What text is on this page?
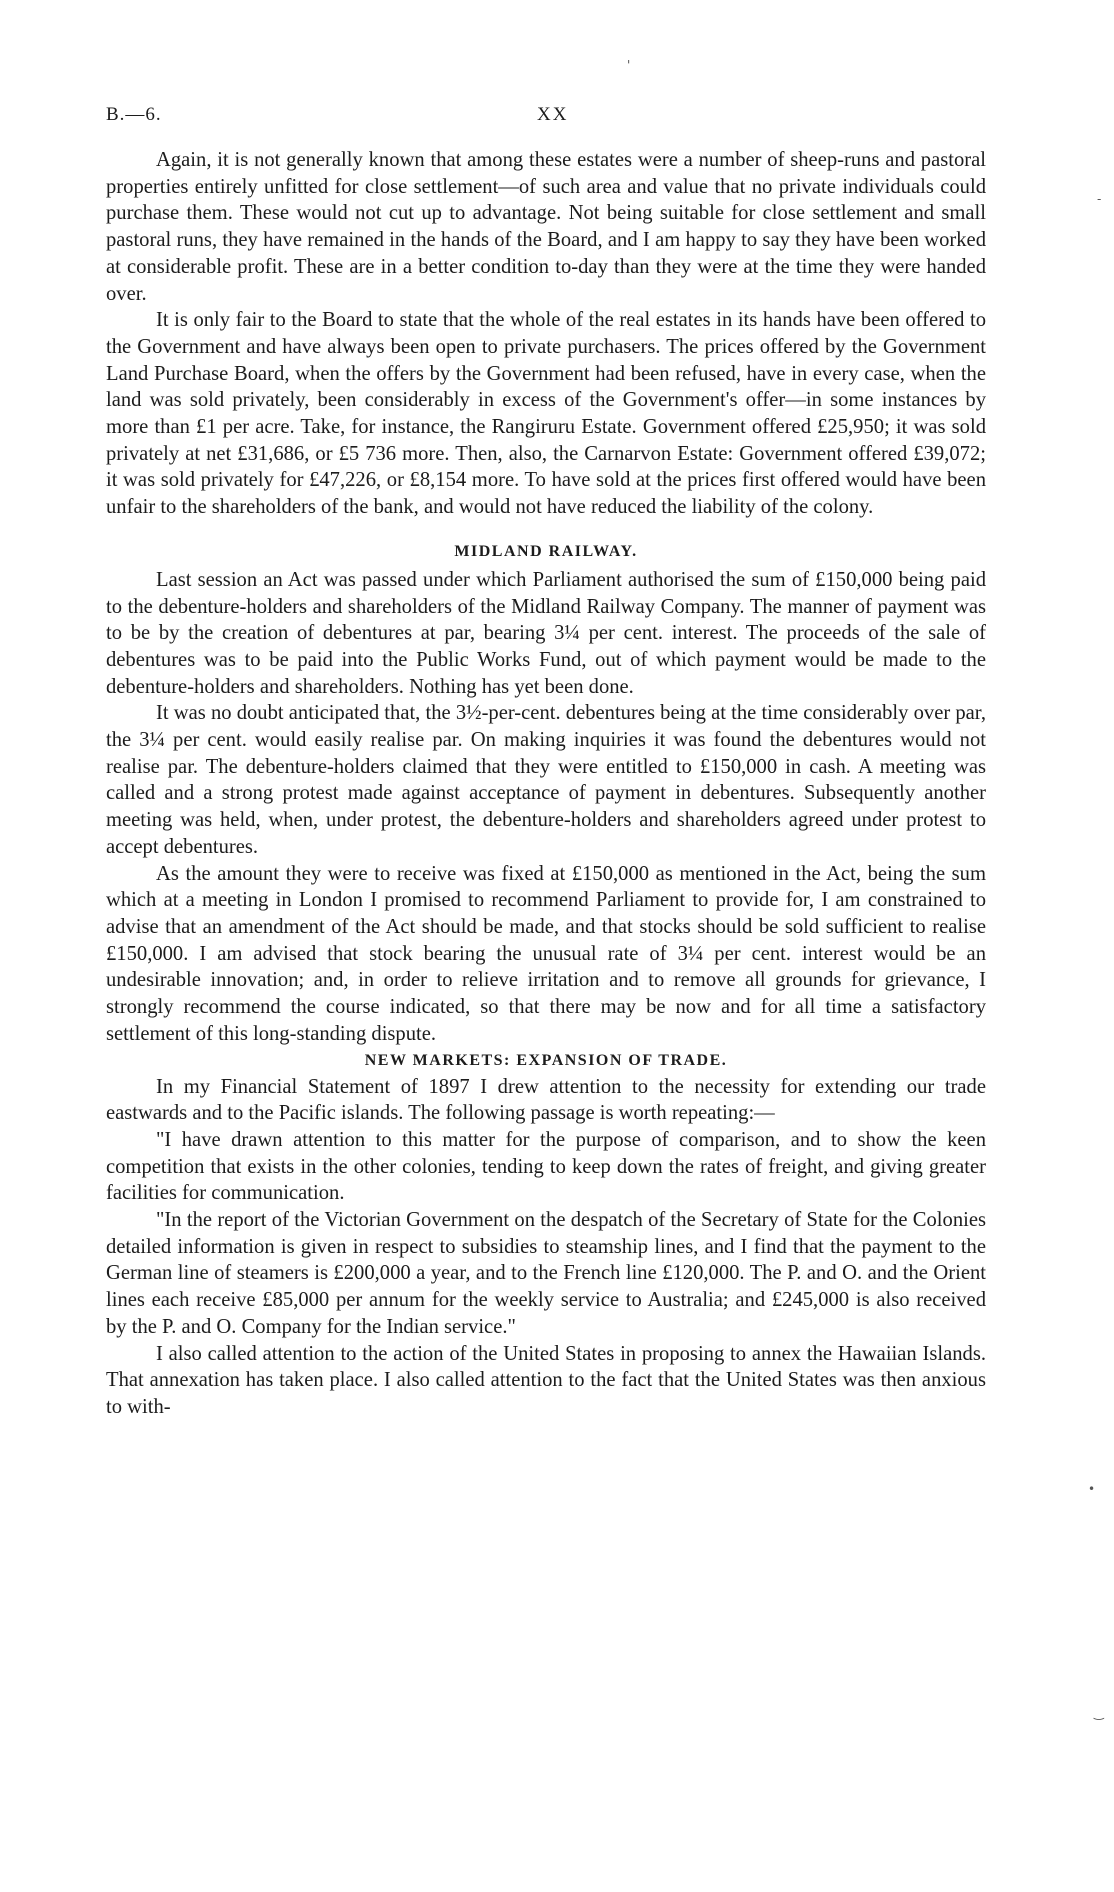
B.—6.	XX

Again, it is not generally known that among these estates were a number of sheep-runs and pastoral properties entirely unfitted for close settlement—of such area and value that no private individuals could purchase them. These would not cut up to advantage. Not being suitable for close settlement and small pastoral runs, they have remained in the hands of the Board, and I am happy to say they have been worked at considerable profit. These are in a better condition to-day than they were at the time they were handed over.

It is only fair to the Board to state that the whole of the real estates in its hands have been offered to the Government and have always been open to private purchasers. The prices offered by the Government Land Purchase Board, when the offers by the Government had been refused, have in every case, when the land was sold privately, been considerably in excess of the Government's offer—in some instances by more than £1 per acre. Take, for instance, the Rangiruru Estate. Government offered £25,950; it was sold privately at net £31,686, or £5 736 more. Then, also, the Carnarvon Estate: Government offered £39,072; it was sold privately for £47,226, or £8,154 more. To have sold at the prices first offered would have been unfair to the shareholders of the bank, and would not have reduced the liability of the colony.

MIDLAND RAILWAY.

Last session an Act was passed under which Parliament authorised the sum of £150,000 being paid to the debenture-holders and shareholders of the Midland Railway Company. The manner of payment was to be by the creation of debentures at par, bearing 3¼ per cent. interest. The proceeds of the sale of debentures was to be paid into the Public Works Fund, out of which payment would be made to the debenture-holders and shareholders. Nothing has yet been done.

It was no doubt anticipated that, the 3½-per-cent. debentures being at the time considerably over par, the 3¼ per cent. would easily realise par. On making inquiries it was found the debentures would not realise par. The debenture-holders claimed that they were entitled to £150,000 in cash. A meeting was called and a strong protest made against acceptance of payment in debentures. Subsequently another meeting was held, when, under protest, the debenture-holders and shareholders agreed under protest to accept debentures.

As the amount they were to receive was fixed at £150,000 as mentioned in the Act, being the sum which at a meeting in London I promised to recommend Parliament to provide for, I am constrained to advise that an amendment of the Act should be made, and that stocks should be sold sufficient to realise £150,000. I am advised that stock bearing the unusual rate of 3¼ per cent. interest would be an undesirable innovation; and, in order to relieve irritation and to remove all grounds for grievance, I strongly recommend the course indicated, so that there may be now and for all time a satisfactory settlement of this long-standing dispute.

NEW MARKETS: EXPANSION OF TRADE.

In my Financial Statement of 1897 I drew attention to the necessity for extending our trade eastwards and to the Pacific islands. The following passage is worth repeating:—

"I have drawn attention to this matter for the purpose of comparison, and to show the keen competition that exists in the other colonies, tending to keep down the rates of freight, and giving greater facilities for communication.

"In the report of the Victorian Government on the despatch of the Secretary of State for the Colonies detailed information is given in respect to subsidies to steamship lines, and I find that the payment to the German line of steamers is £200,000 a year, and to the French line £120,000. The P. and O. and the Orient lines each receive £85,000 per annum for the weekly service to Australia; and £245,000 is also received by the P. and O. Company for the Indian service."

I also called attention to the action of the United States in proposing to annex the Hawaiian Islands. That annexation has taken place. I also called attention to the fact that the United States was then anxious to with-

'
-
•
‿
